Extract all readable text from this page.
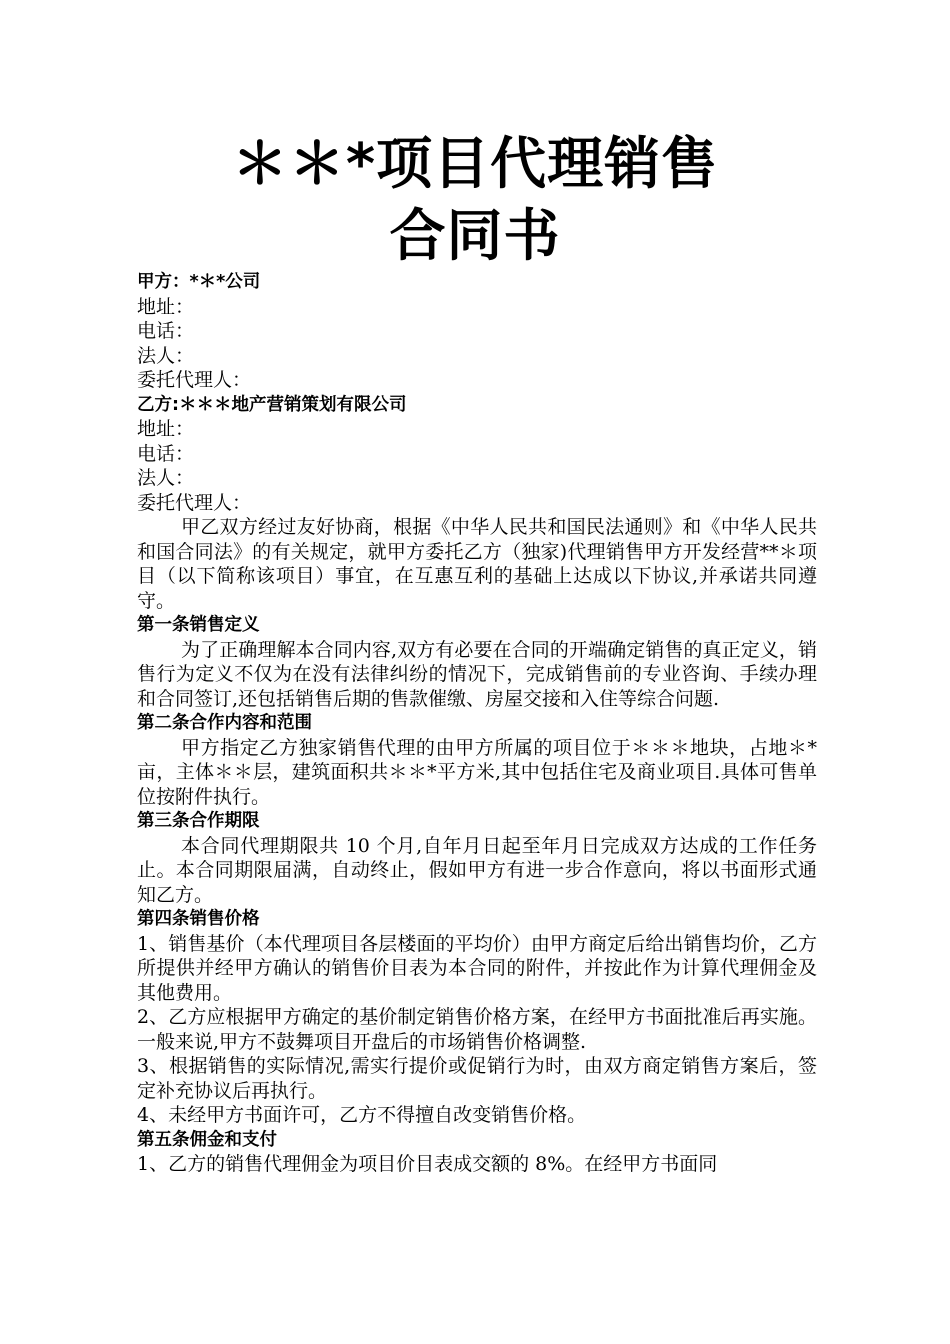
＊＊*项目代理销售
合同书
甲方：*＊*公司
地址：
电话：
法人：
委托代理人：
乙方:＊＊＊地产营销策划有限公司
地址：
电话：
法人：
委托代理人：
甲乙双方经过友好协商，根据《中华人民共和国民法通则》和《中华人民共和国合同法》的有关规定，就甲方委托乙方（独家)代理销售甲方开发经营**＊项目（以下简称该项目）事宜，在互惠互利的基础上达成以下协议,并承诺共同遵守。
第一条销售定义
为了正确理解本合同内容,双方有必要在合同的开端确定销售的真正定义，销售行为定义不仅为在没有法律纠纷的情况下，完成销售前的专业咨询、手续办理和合同签订,还包括销售后期的售款催缴、房屋交接和入住等综合问题.
第二条合作内容和范围
甲方指定乙方独家销售代理的由甲方所属的项目位于＊＊＊地块，占地＊*亩，主体＊＊层，建筑面积共＊＊*平方米,其中包括住宅及商业项目.具体可售单位按附件执行。
第三条合作期限
本合同代理期限共 10 个月,自年月日起至年月日完成双方达成的工作任务止。本合同期限届满，自动终止，假如甲方有进一步合作意向，将以书面形式通知乙方。
第四条销售价格
1、销售基价（本代理项目各层楼面的平均价）由甲方商定后给出销售均价，乙方所提供并经甲方确认的销售价目表为本合同的附件，并按此作为计算代理佣金及其他费用。
2、乙方应根据甲方确定的基价制定销售价格方案，在经甲方书面批准后再实施。一般来说,甲方不鼓舞项目开盘后的市场销售价格调整.
3、根据销售的实际情况,需实行提价或促销行为时，由双方商定销售方案后，签定补充协议后再执行。
4、未经甲方书面许可，乙方不得擅自改变销售价格。
第五条佣金和支付
1、乙方的销售代理佣金为项目价目表成交额的 8%。在经甲方书面同
